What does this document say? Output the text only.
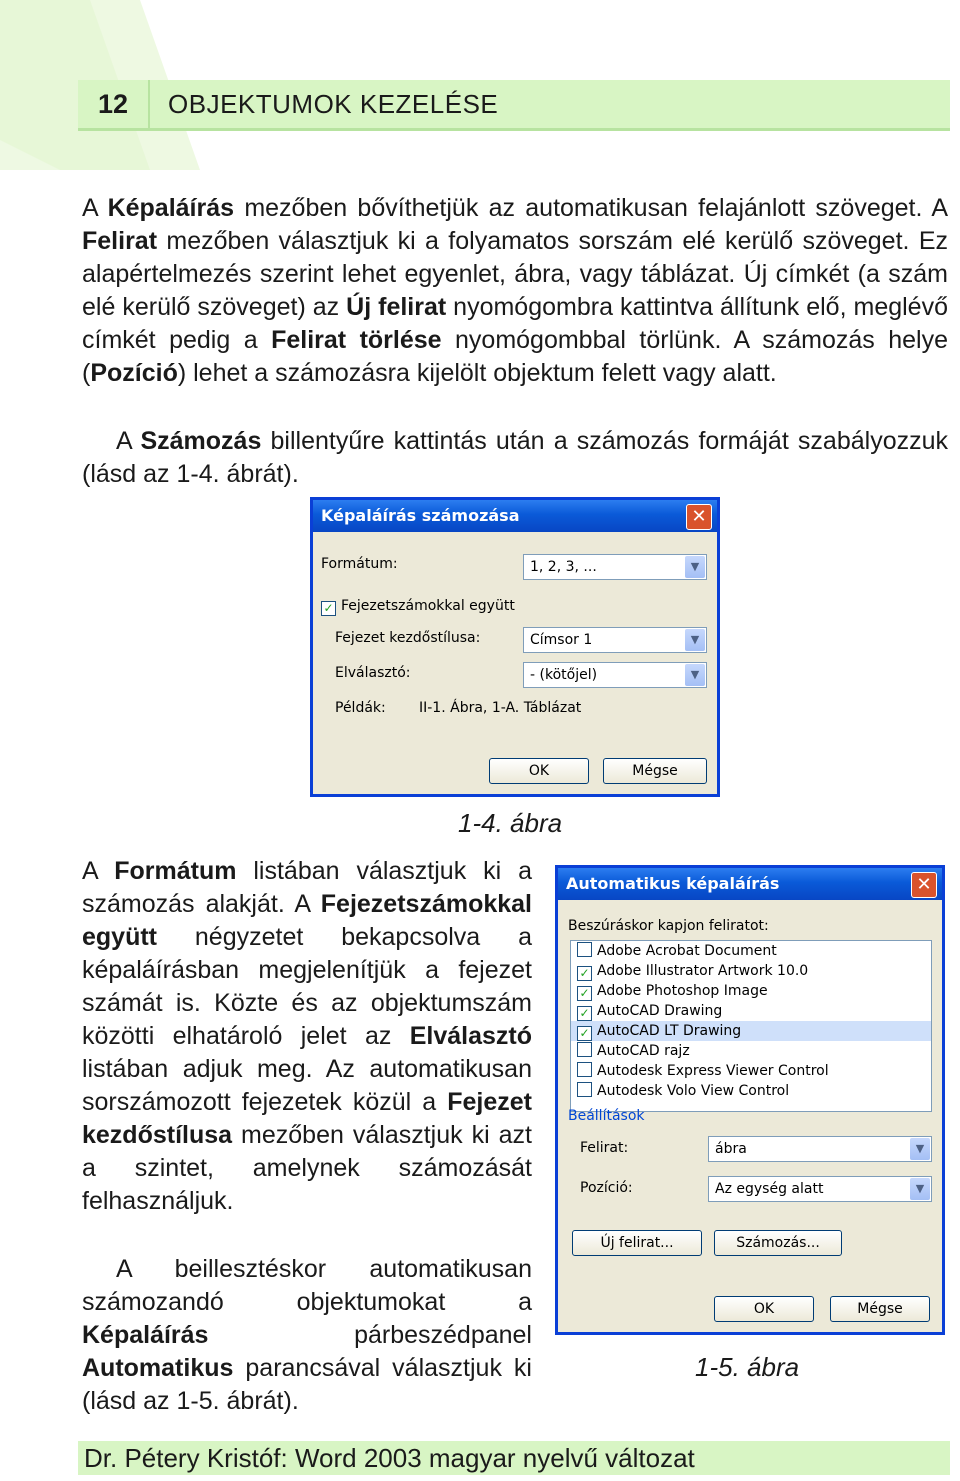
12	OBJEKTUMOK KEZELÉSE
A Képaláírás mezőben bővíthetjük az automatikusan felajánlott szöveget. A Felirat mezőben választjuk ki a folyamatos sorszám elé kerülő szöveget. Ez alapértelmezés szerint lehet egyenlet, ábra, vagy táblázat. Új címkét (a szám elé kerülő szöveget) az Új felirat nyomógombra kattintva állítunk elő, meglévő címkét pedig a Felirat törlése nyomógombbal törlünk. A számozás helye (Pozíció) lehet a számozásra kijelölt objektum felett vagy alatt.
A Számozás billentyűre kattintás után a számozás formáját szabályozzuk (lásd az 1-4. ábrát).
Képaláírás számozása	✕
Formátum:	1, 2, 3, ...	▼
✓ Fejezetszámokkal együtt
Fejezet kezdőstílusa:	Címsor 1	▼
Elválasztó:	- (kötőjel)	▼
Példák: II-1. Ábra, 1-A. Táblázat
OK	Mégse
1-4. ábra
A Formátum listában választjuk ki a számozás alakját. A Fejezetszámokkal együtt négyzetet bekapcsolva a képaláírásban megjelenítjük a fejezet számát is. Közte és az objektumszám közötti elhatároló jelet az Elválasztó listában adjuk meg. Az automatikusan sorszámozott fejezetek közül a Fejezet kezdőstílusa mezőben választjuk ki azt a szintet, amelynek számozását felhasználjuk.
A beillesztéskor automatikusan számozandó objektumokat a Képaláírás párbeszédpanel Automatikus parancsával választjuk ki (lásd az 1-5. ábrát).
Automatikus képaláírás	✕
Beszúráskor kapjon feliratot:
Adobe Acrobat Document
✓ Adobe Illustrator Artwork 10.0
✓ Adobe Photoshop Image
✓ AutoCAD Drawing
✓ AutoCAD LT Drawing
AutoCAD rajz
Autodesk Express Viewer Control
Autodesk Volo View Control
Beállítások
Felirat:	ábra	▼
Pozíció:	Az egység alatt	▼
Új felirat...	Számozás...
OK	Mégse
1-5. ábra
Dr. Pétery Kristóf: Word 2003 magyar nyelvű változat
